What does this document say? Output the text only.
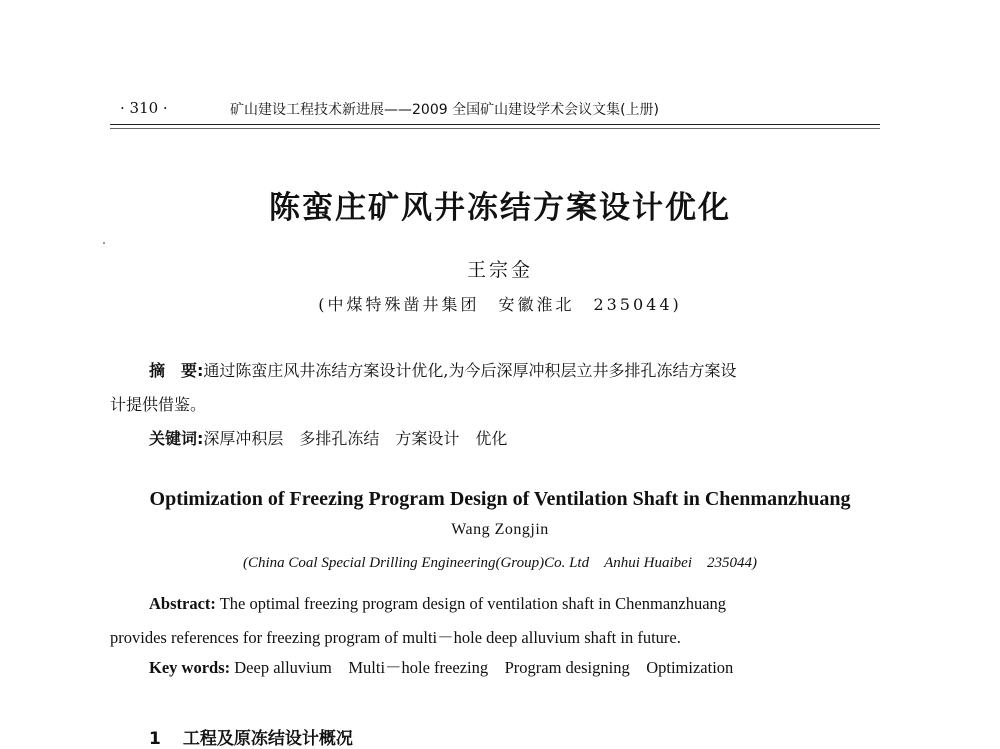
· 310 ·	矿山建设工程技术新进展——2009 全国矿山建设学术会议文集(上册)
陈蛮庄矿风井冻结方案设计优化
王宗金
(中煤特殊凿井集团　安徽淮北　235044)
摘　要:通过陈蛮庄风井冻结方案设计优化,为今后深厚冲积层立井多排孔冻结方案设
计提供借鉴。
关键词:深厚冲积层　多排孔冻结　方案设计　优化
Optimization of Freezing Program Design of Ventilation Shaft in Chenmanzhuang
Wang Zongjin
(China Coal Special Drilling Engineering(Group)Co. Ltd　Anhui Huaibei　235044)
Abstract: The optimal freezing program design of ventilation shaft in Chenmanzhuang
provides references for freezing program of multi－hole deep alluvium shaft in future.
Key words: Deep alluvium　Multi－hole freezing　Program designing　Optimization
1 工程及原冻结设计概况
